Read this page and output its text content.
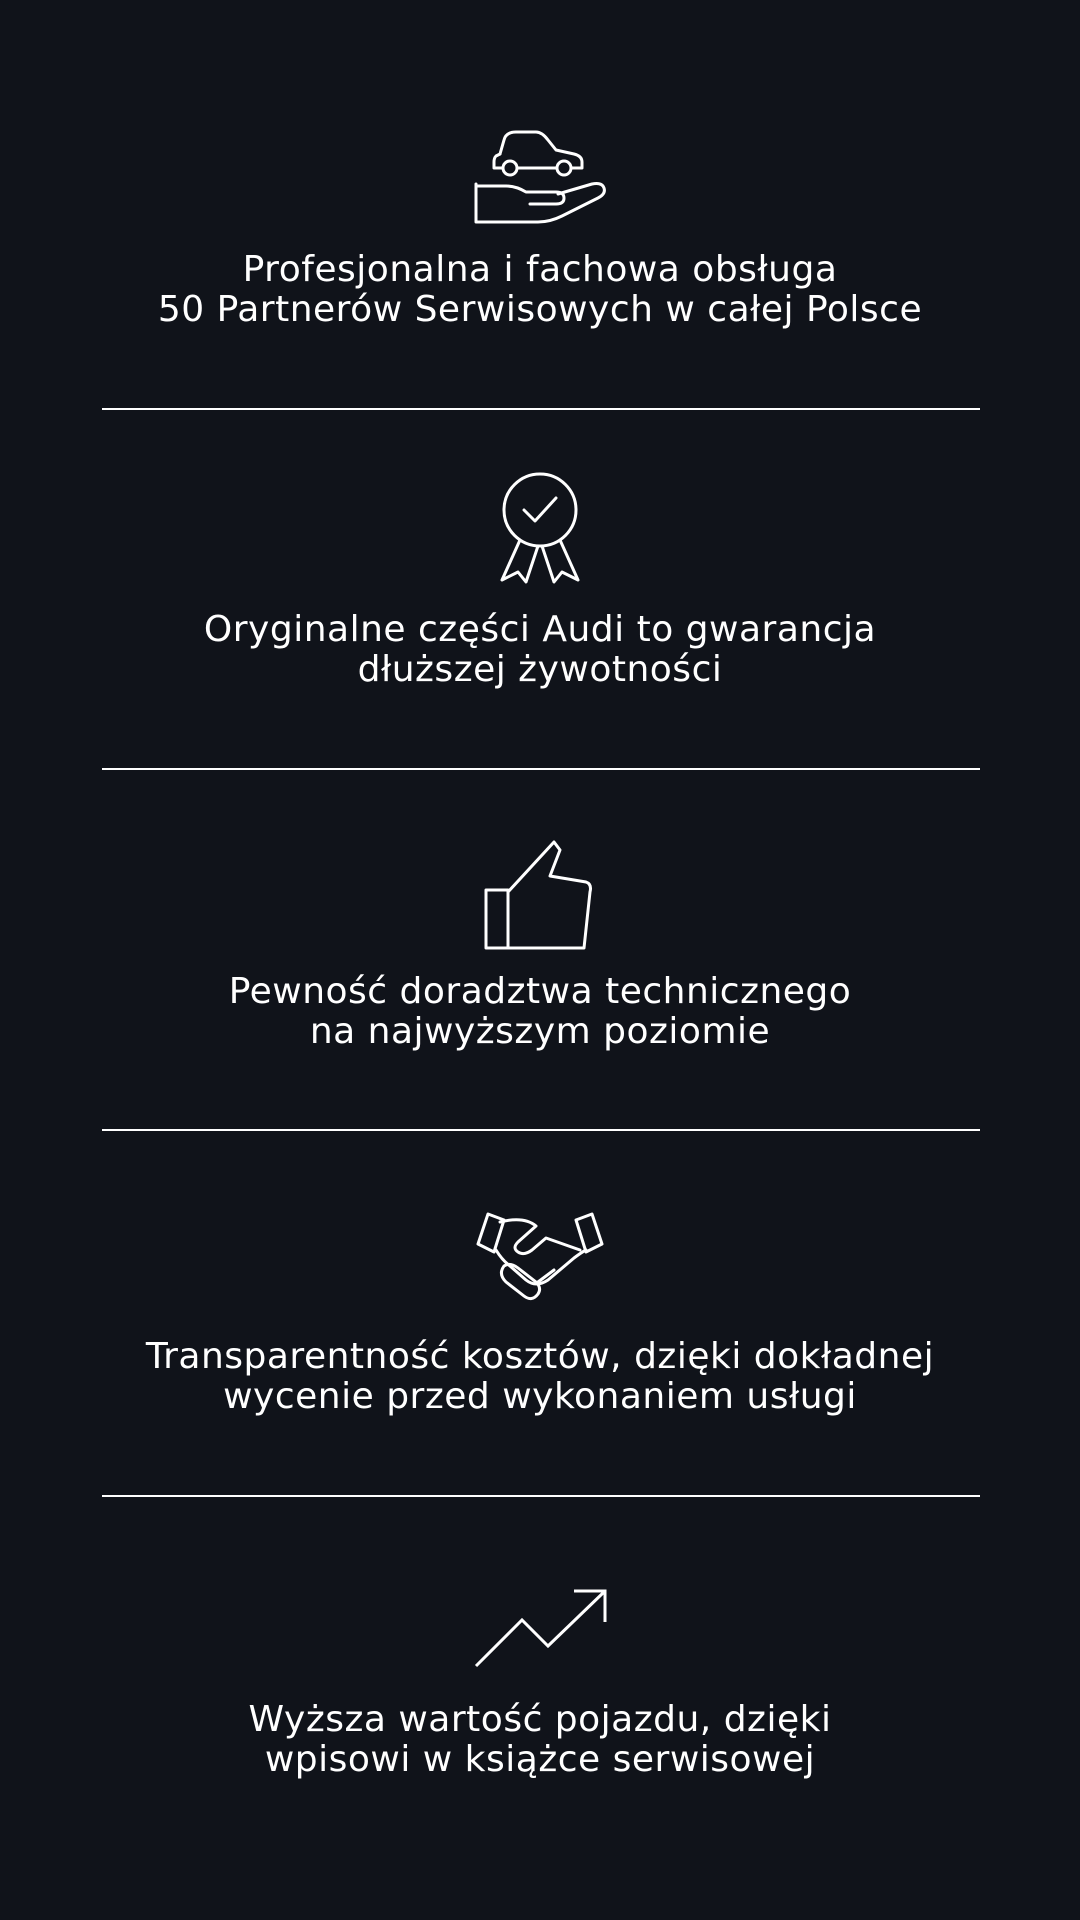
Profesjonalna i fachowa obsługa
50 Partnerów Serwisowych w całej Polsce
Oryginalne części Audi to gwarancja
dłuższej żywotności
Pewność doradztwa technicznego
na najwyższym poziomie
Transparentność kosztów, dzięki dokładnej
wycenie przed wykonaniem usługi
Wyższa wartość pojazdu, dzięki
wpisowi w książce serwisowej
